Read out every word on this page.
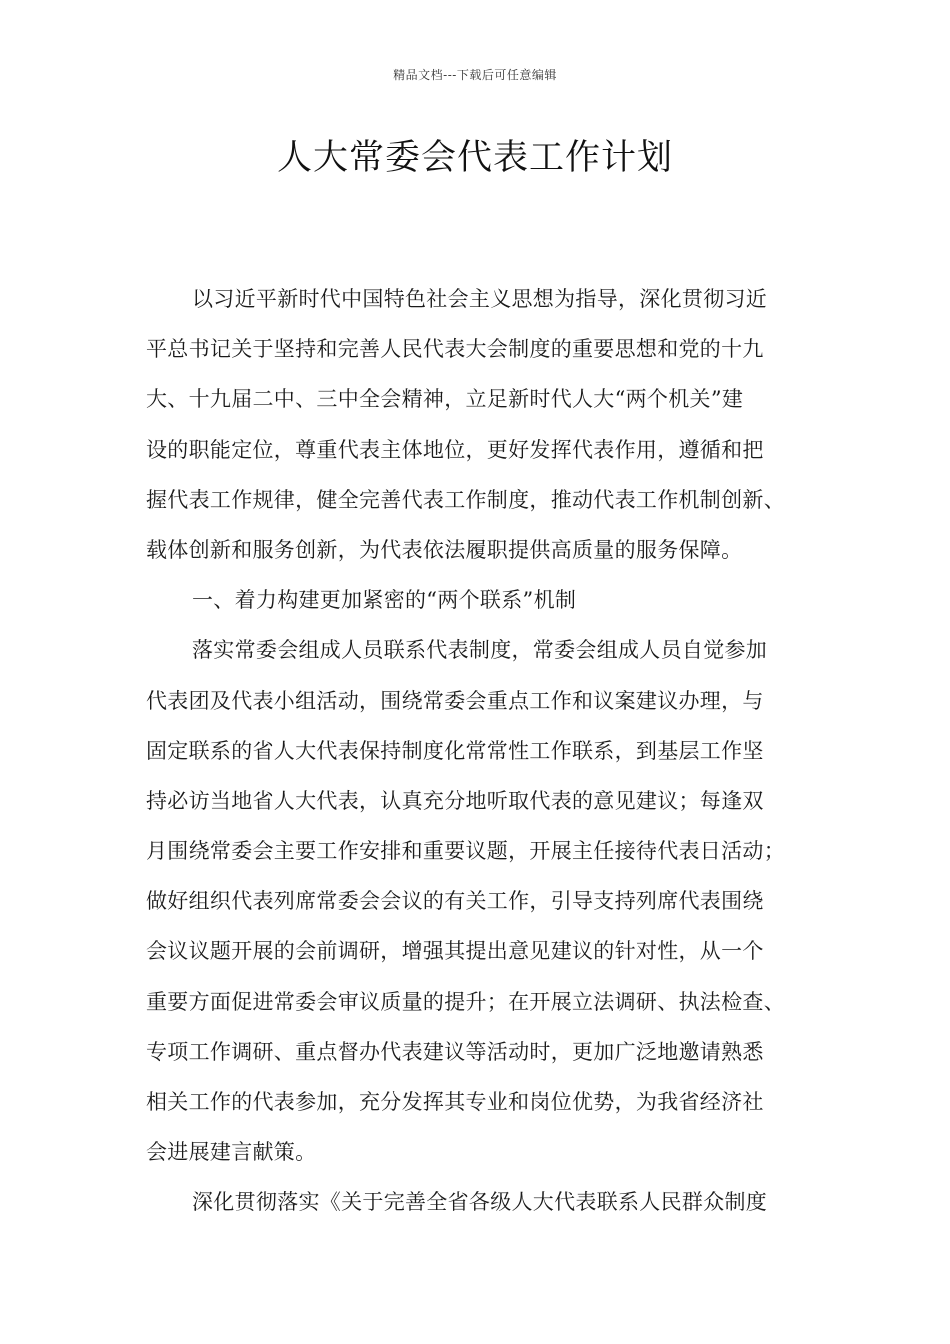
精品文档---下载后可任意编辑
人大常委会代表工作计划
以习近平新时代中国特色社会主义思想为指导，深化贯彻习近
平总书记关于坚持和完善人民代表大会制度的重要思想和党的十九
大、十九届二中、三中全会精神，立足新时代人大“两个机关”建
设的职能定位，尊重代表主体地位，更好发挥代表作用，遵循和把
握代表工作规律，健全完善代表工作制度，推动代表工作机制创新、
载体创新和服务创新，为代表依法履职提供高质量的服务保障。
一、着力构建更加紧密的“两个联系”机制
落实常委会组成人员联系代表制度，常委会组成人员自觉参加
代表团及代表小组活动，围绕常委会重点工作和议案建议办理，与
固定联系的省人大代表保持制度化常常性工作联系，到基层工作坚
持必访当地省人大代表，认真充分地听取代表的意见建议；每逢双
月围绕常委会主要工作安排和重要议题，开展主任接待代表日活动；
做好组织代表列席常委会会议的有关工作，引导支持列席代表围绕
会议议题开展的会前调研，增强其提出意见建议的针对性，从一个
重要方面促进常委会审议质量的提升；在开展立法调研、执法检查、
专项工作调研、重点督办代表建议等活动时，更加广泛地邀请熟悉
相关工作的代表参加，充分发挥其专业和岗位优势，为我省经济社
会进展建言献策。
深化贯彻落实《关于完善全省各级人大代表联系人民群众制度
